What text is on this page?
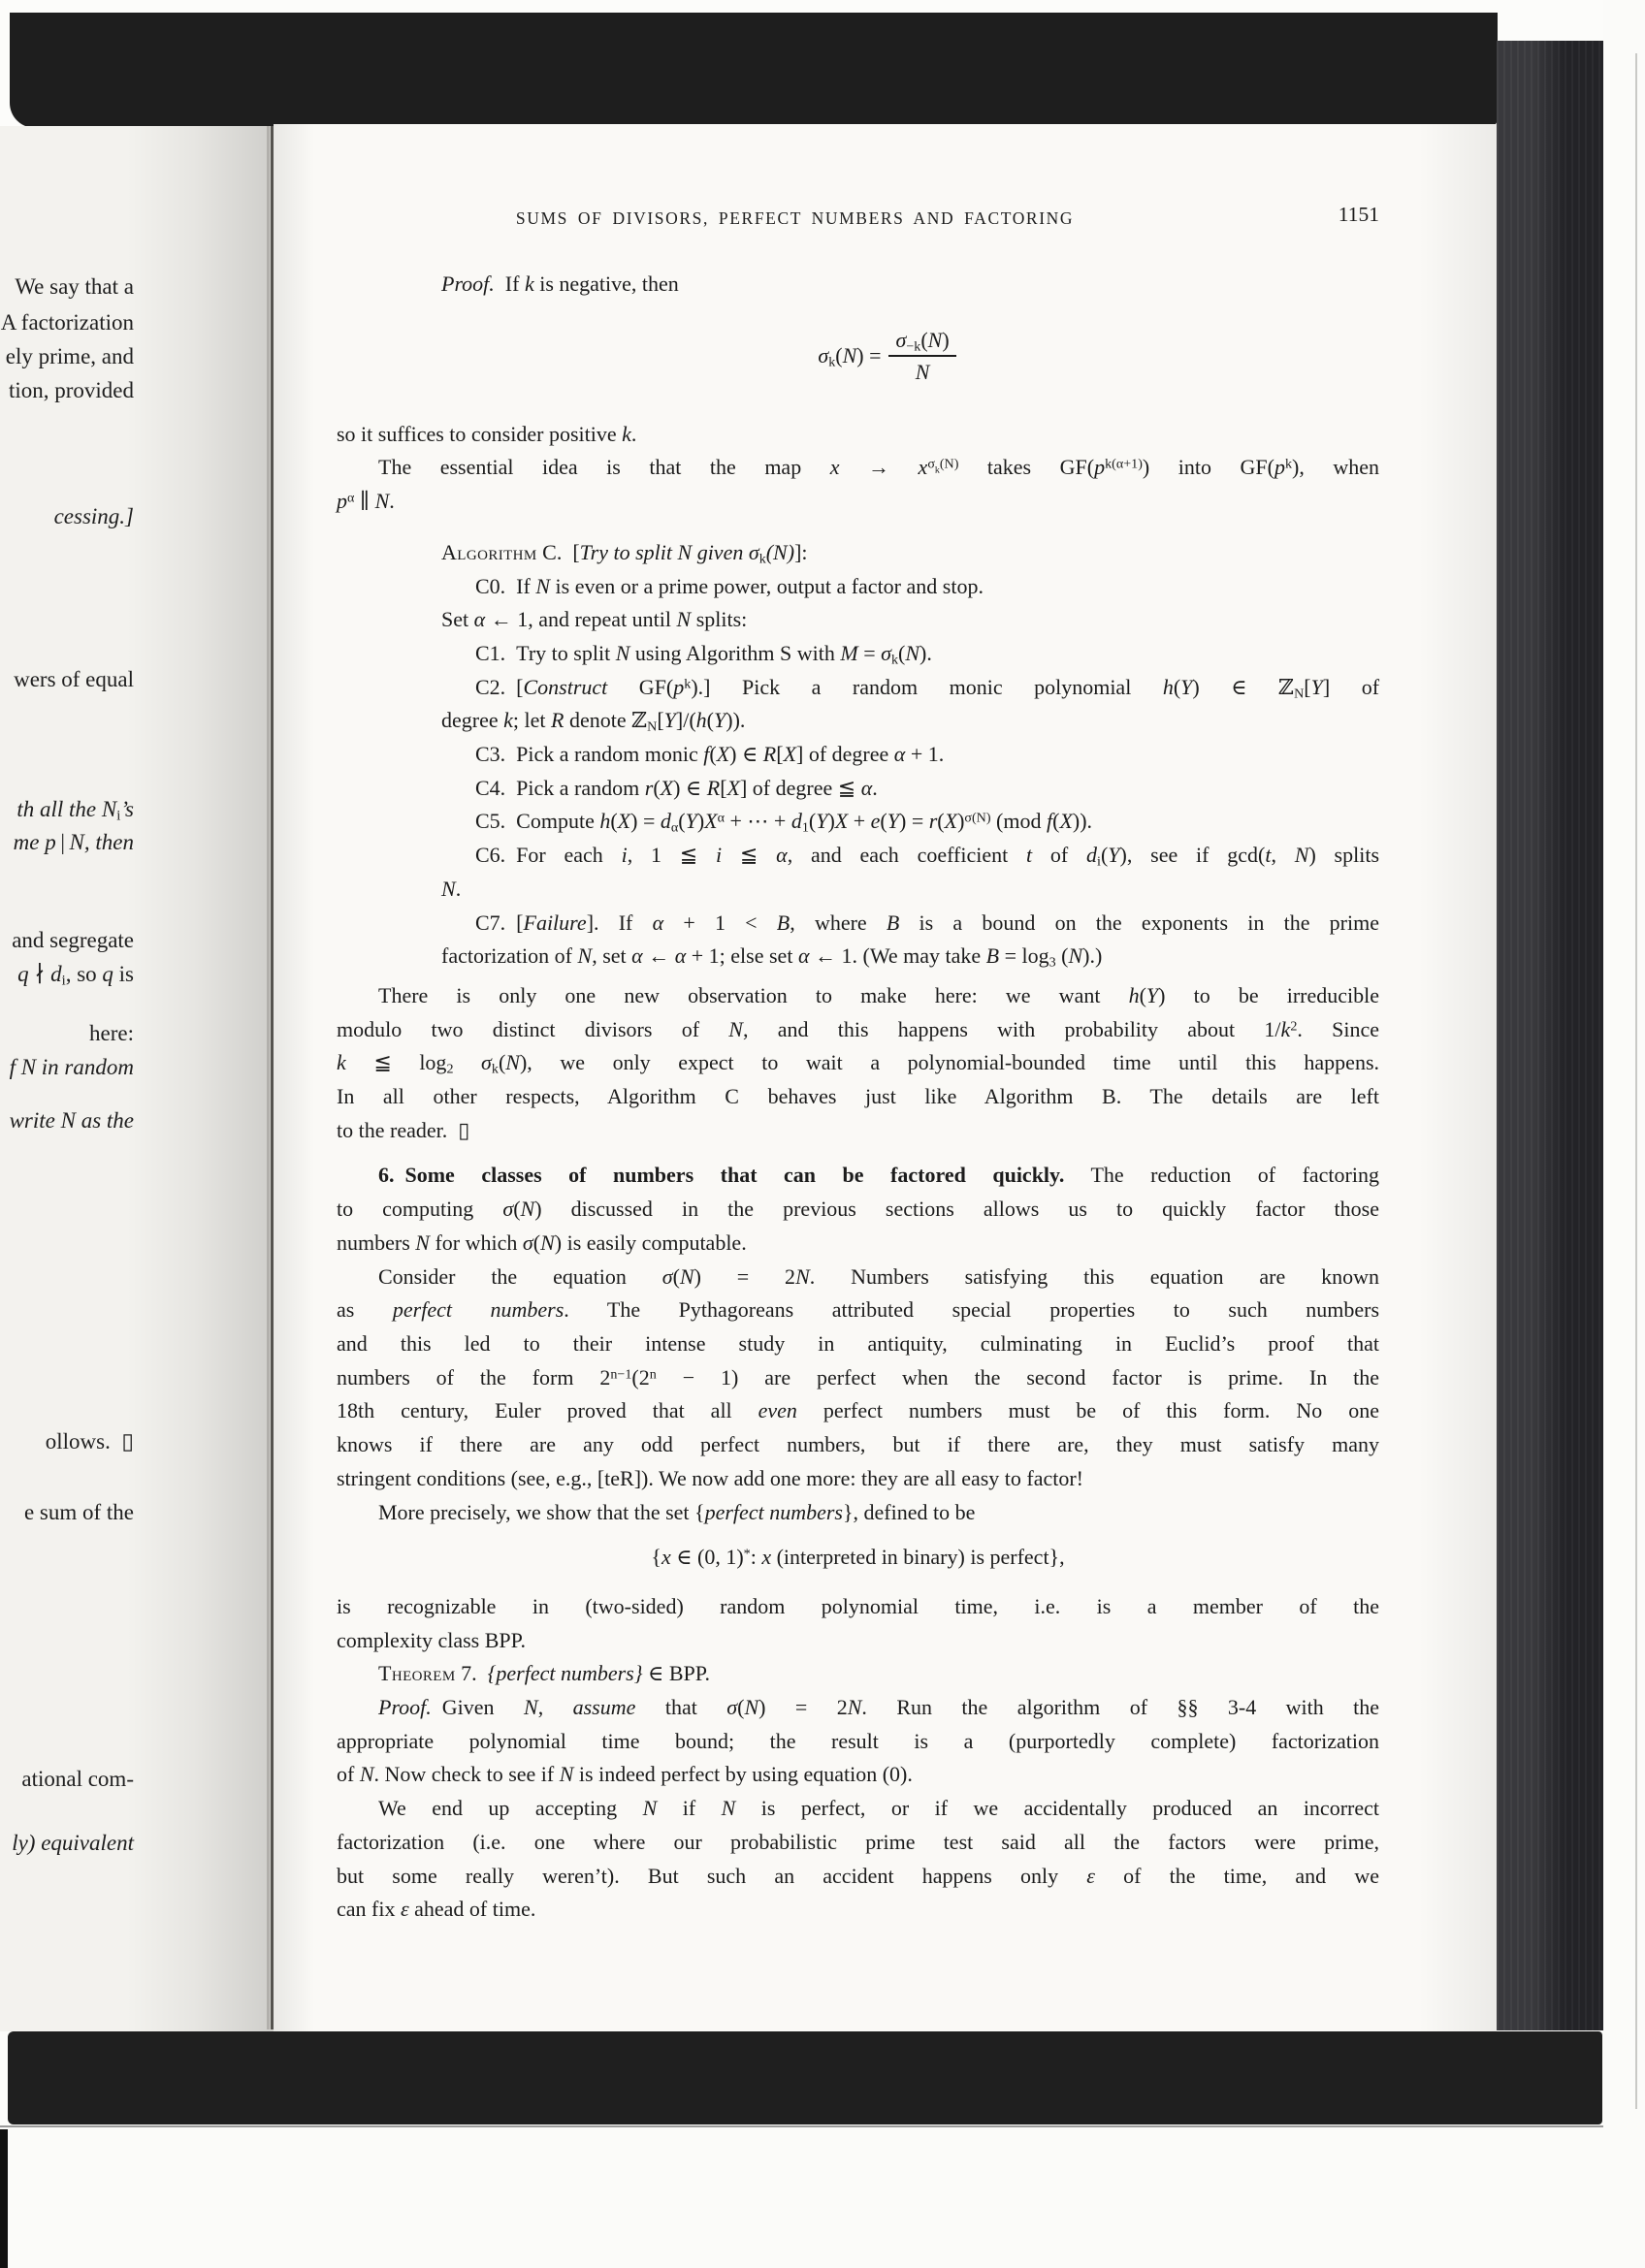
SUMS OF DIVISORS, PERFECT NUMBERS AND FACTORING	1151
Proof. If k is negative, then
$\sigma k(N) = \frac{\sigma-k(N)}{N}$
so it suffices to consider positive k.
The essential idea is that the map $x \to x^\sigma k^{(N)}$ takes $GF(p^{k(\alpha+1)})$ into $GF(p^k)$, when
$p^\alpha$ ∥ N.
Algorithm C. [Try to split N given σk(N)]:
C0. If N is even or a prime power, output a factor and stop.
Set α ← 1, and repeat until N splits:
C1. Try to split N using Algorithm S with M = σk(N).
C2. [Construct $GF(p^k)$.] Pick a random monic polynomial h(Y) ∈ ℤN[Y] of
degree k; let R denote ℤN[Y]/(h(Y)).
C3. Pick a random monic f(X) ∈ R[X] of degree α + 1.
C4. Pick a random r(X) ∈ R[X] of degree ≦ α.
C5. Compute $h(X) = d\alpha(Y)X^\alpha$ + ⋯ + $d1(Y)X + e(Y) = r(X)^{\sigma(N)}$ (mod f(X)).
C6. For each i, 1 ≦ i ≦ α, and each coefficient t of di(Y), see if gcd(t, N) splits
N.
C7. [Failure]. If α + 1 < B, where B is a bound on the exponents in the prime
factorization of N, set α ← α + 1; else set α ← 1. (We may take B = log3 (N).)
There is only one new observation to make here: we want h(Y) to be irreducible
modulo two distinct divisors of N, and this happens with probability about $1/k^2$. Since
k ≦ log2 σk(N), we only expect to wait a polynomial-bounded time until this happens.
In all other respects, Algorithm C behaves just like Algorithm B. The details are left
to the reader. ▯
6. Some classes of numbers that can be factored quickly. The reduction of factoring
to computing σ(N) discussed in the previous sections allows us to quickly factor those
numbers N for which σ(N) is easily computable.
Consider the equation σ(N) = 2N. Numbers satisfying this equation are known
as perfect numbers. The Pythagoreans attributed special properties to such numbers
and this led to their intense study in antiquity, culminating in Euclid’s proof that
numbers of the form $2^{n-1}(2^n - 1)$ are perfect when the second factor is prime. In the
18th century, Euler proved that all even perfect numbers must be of this form. No one
knows if there are any odd perfect numbers, but if there are, they must satisfy many
stringent conditions (see, e.g., [teR]). We now add one more: they are all easy to factor!
More precisely, we show that the set {perfect numbers}, defined to be
{x ∈ (0, 1)*: x (interpreted in binary) is perfect},
is recognizable in (two-sided) random polynomial time, i.e. is a member of the
complexity class BPP.
Theorem 7. {perfect numbers} ∈ BPP.
Proof. Given N, assume that σ(N) = 2N. Run the algorithm of §§ 3-4 with the
appropriate polynomial time bound; the result is a (purportedly complete) factorization
of N. Now check to see if N is indeed perfect by using equation (0).
We end up accepting N if N is perfect, or if we accidentally produced an incorrect
factorization (i.e. one where our probabilistic prime test said all the factors were prime,
but some really weren’t). But such an accident happens only ε of the time, and we
can fix ε ahead of time.
We say that a
A factorization
ely prime, and
tion, provided
cessing.]
wers of equal
th all the Ni’s
me p | N, then
and segregate
q ∤ di, so q is
here:
f N in random
write N as the
ollows. ▯
e sum of the
ational com-
ly) equivalent
